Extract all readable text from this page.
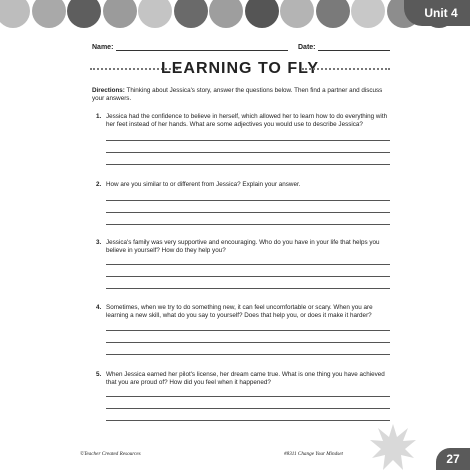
Unit 4
Name:	Date:
LEARNING TO FLY
Directions: Thinking about Jessica's story, answer the questions below. Then find a partner and discuss your answers.
1. Jessica had the confidence to believe in herself, which allowed her to learn how to do everything with her feet instead of her hands. What are some adjectives you would use to describe Jessica?
2. How are you similar to or different from Jessica? Explain your answer.
3. Jessica's family was very supportive and encouraging. Who do you have in your life that helps you believe in yourself? How do they help you?
4. Sometimes, when we try to do something new, it can feel uncomfortable or scary. When you are learning a new skill, what do you say to yourself? Does that help you, or does it make it harder?
5. When Jessica earned her pilot's license, her dream came true. What is one thing you have achieved that you are proud of? How did you feel when it happened?
©Teacher Created Resources	#8311 Change Your Mindset	27
